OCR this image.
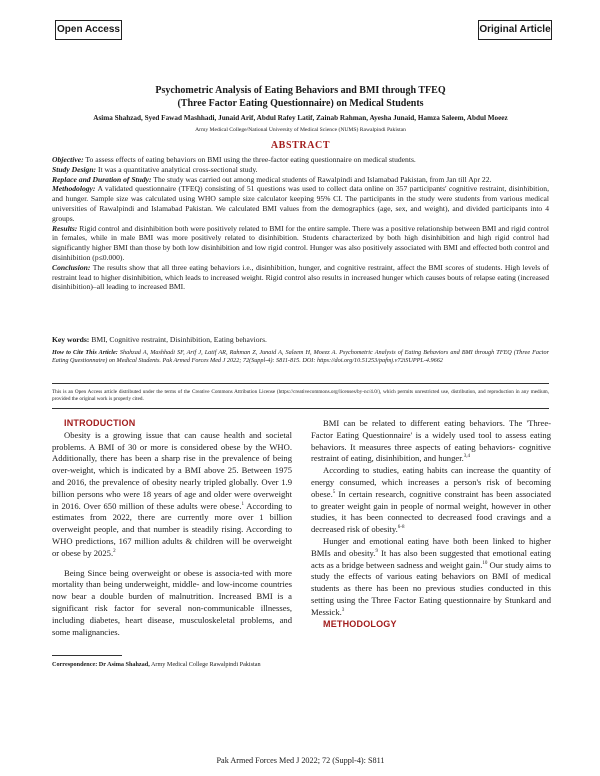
Open Access	Original Article
Psychometric Analysis of Eating Behaviors and BMI through TFEQ
(Three Factor Eating Questionnaire) on Medical Students
Asima Shahzad, Syed Fawad Mashhadi, Junaid Arif, Abdul Rafey Latif, Zainab Rahman, Ayesha Junaid, Hamza Saleem, Abdul Moeez
Army Medical College/National University of Medical Science (NUMS) Rawalpindi Pakistan
ABSTRACT

Objective: To assess effects of eating behaviors on BMI using the three-factor eating questionnaire on medical students.

Study Design: It was a quantitative analytical cross-sectional study.

Replace and Duration of Study: The study was carried out among medical students of Rawalpindi and Islamabad Pakistan, from Jan till Apr 22.

Methodology: A validated questionnaire (TFEQ) consisting of 51 questions was used to collect data online on 357 participants' cognitive restraint, disinhibition, and hunger. Sample size was calculated using WHO sample size calculator keeping 95% CI. The participants in the study were students from various medical universities of Rawalpindi and Islamabad Pakistan. We calculated BMI values from the demographics (age, sex, and weight), and divided participants into 4 groups.

Results: Rigid control and disinhibition both were positively related to BMI for the entire sample. There was a positive relationship between BMI and rigid control in females, while in male BMI was more positively related to disinhibition. Students characterized by both high disinhibition and high rigid control had significantly higher BMI than those by both low disinhibition and low rigid control. Hunger was also positively associated with BMI and effected both control and disinhibition (p≤0.000).

Conclusion: The results show that all three eating behaviors i.e., disinhibition, hunger, and cognitive restraint, affect the BMI scores of students. High levels of restraint lead to higher disinhibition, which leads to increased weight. Rigid control also results in increased hunger which causes bouts of relapse eating (increased disinhibition)–all leading to increased BMI.

Key words: BMI, Cognitive restraint, Disinhibition, Eating behaviors.
How to Cite This Article: Shahzad A, Mashhadi SF, Arif J, Latif AR, Rahman Z, Junaid A, Saleem H, Moeez A. Psychometric Analysis of Eating Behaviors and BMI through TFEQ (Three Factor Eating Questionnaire) on Medical Students. Pak Armed Forces Med J 2022; 72(Suppl-4): S811-815. DOI: https://doi.org/10.51253/pafmj.v72iSUPPL-4.9662
This is an Open Access article distributed under the terms of the Creative Commons Attribution License (https://creativecommons.org/licenses/by-nc/4.0/), which permits unrestricted use, distribution, and reproduction in any medium, provided the original work is properly cited.

INTRODUCTION

Obesity is a growing issue that can cause health and societal problems. A BMI of 30 or more is considered obese by the WHO. Additionally, there has been a sharp rise in the prevalence of being over-weight, which is indicated by a BMI above 25. Between 1975 and 2016, the prevalence of obesity nearly tripled globally. Over 1.9 billion persons who were 18 years of age and older were overweight in 2016. Over 650 million of these adults were obese.$^1$ According to estimates from 2022, there are currently more over 1 billion overweight people, and that number is steadily rising. According to WHO predictions, 167 million adults & children will be overweight or obese by 2025.$^2$

Being Since being overweight or obese is associa-ted with more mortality than being underweight, middle- and low-income countries now bear a double burden of malnutrition. Increased BMI is a significant risk factor for several non-communicable illnesses, including diabetes, heart disease, musculoskeletal problems, and some malignancies.

BMI can be related to different eating behaviors. The 'Three-Factor Eating Questionnaire' is a widely used tool to assess eating behaviors. It measures three aspects of eating behaviors- cognitive restraint of eating, disinhibition, and hunger.$^{3,4}$

According to studies, eating habits can increase the quantity of energy consumed, which increases a person's risk of becoming obese.$^5$ In certain research, cognitive constraint has been associated to greater weight gain in people of normal weight, however in other studies, it has been connected to decreased food cravings and a decreased risk of obesity.$^{6-8}$

Hunger and emotional eating have both been linked to higher BMIs and obesity.$^9$ It has also been suggested that emotional eating acts as a bridge between sadness and weight gain.$^{10}$ Our study aims to study the effects of various eating behaviors on BMI of medical students as there has been no previous studies conducted in this setting using the Three Factor Eating questionnaire by Stunkard and Messick.$^3$

METHODOLOGY

Correspondence: Dr Asima Shahzad, Army Medical College Rawalpindi Pakistan
Pak Armed Forces Med J 2022; 72 (Suppl-4): S811
